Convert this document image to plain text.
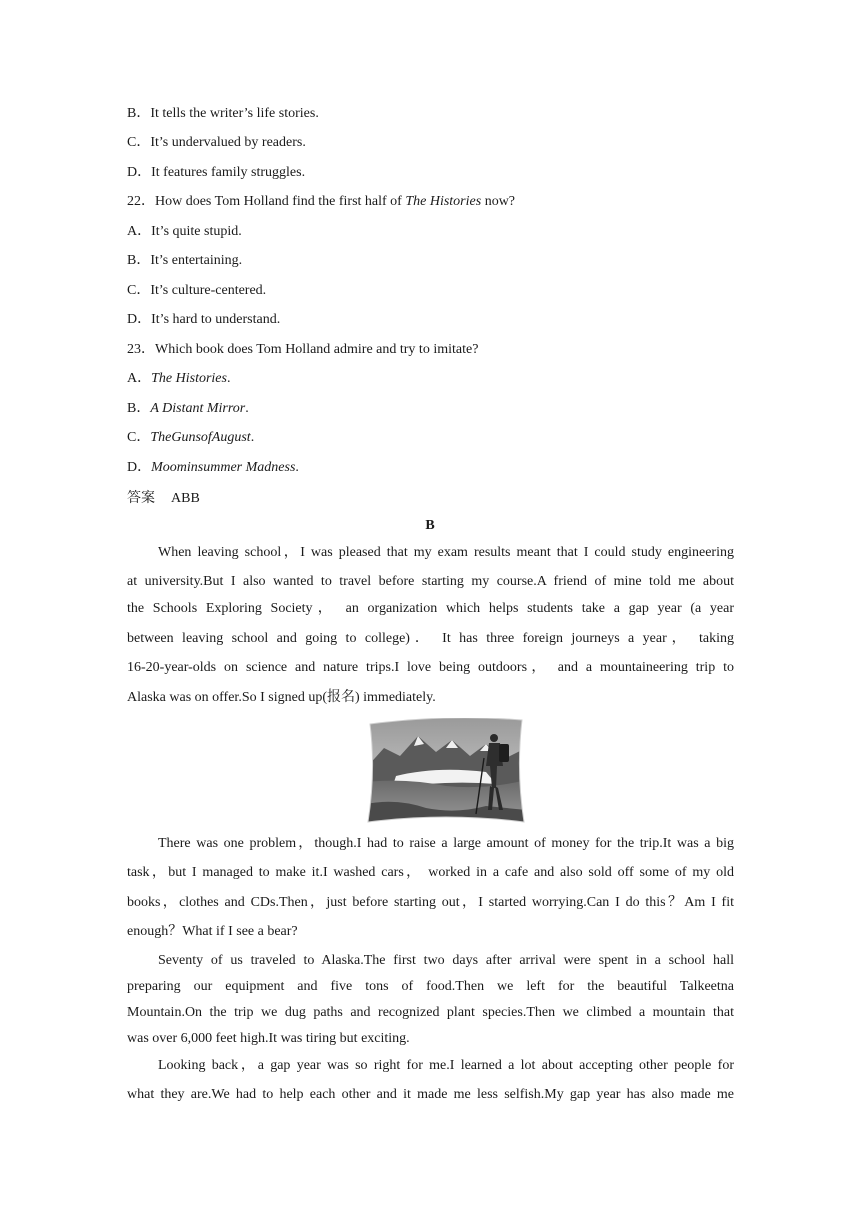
B．It tells the writer’s life stories.
C．It’s undervalued by readers.
D．It features family struggles.
22．How does Tom Holland find the first half of The Histories now?
A．It’s quite stupid.
B．It’s entertaining.
C．It’s culture-centered.
D．It’s hard to understand.
23．Which book does Tom Holland admire and try to imitate?
A．The Histories.
B．A Distant Mirror.
C．TheGunsofAugust.
D．Moominsummer Madness.
答案 ABB
B
When leaving school，I was pleased that my exam results meant that I could study engineering
at university.But I also wanted to travel before starting my course.A friend of mine told me about
the Schools Exploring Society， an organization which helps students take a gap year (a year
between leaving school and going to college)． It has three foreign journeys a year， taking
16-20-year-olds on science and nature trips.I love being outdoors， and a mountaineering trip to
Alaska was on offer.So I signed up(报名) immediately.
There was one problem，though.I had to raise a large amount of money for the trip.It was a big
task，but I managed to make it.I washed cars， worked in a cafe and also sold off some of my old
books，clothes and CDs.Then，just before starting out，I started worrying.Can I do this？Am I fit
enough？What if I see a bear?
Seventy of us traveled to Alaska.The first two days after arrival were spent in a school hall
preparing our equipment and five tons of food.Then we left for the beautiful Talkeetna
Mountain.On the trip we dug paths and recognized plant species.Then we climbed a mountain that
was over 6,000 feet high.It was tiring but exciting.
Looking back，a gap year was so right for me.I learned a lot about accepting other people for
what they are.We had to help each other and it made me less selfish.My gap year has also made me
